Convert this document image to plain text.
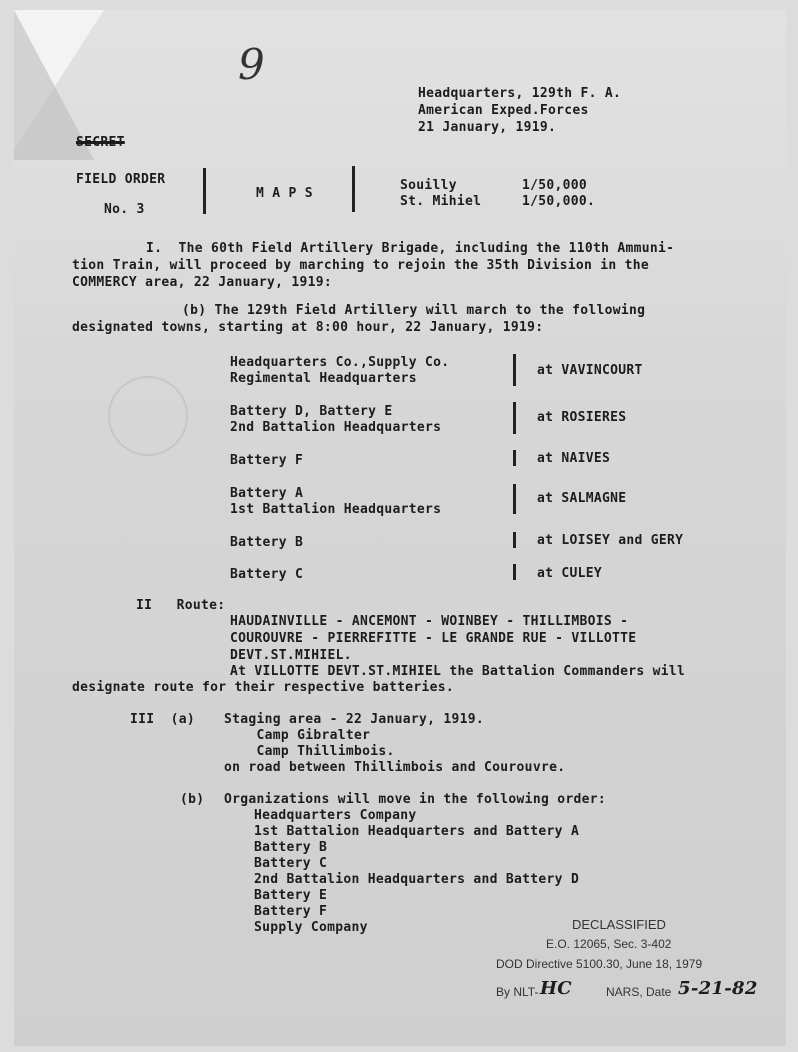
9
Headquarters, 129th F. A.
American Exped.Forces
21 January, 1919.
SECRET
FIELD ORDER
No. 3
M A P S
Souilly	1/50,000
St. Mihiel	1/50,000.
I.  The 60th Field Artillery Brigade, including the 110th Ammuni-
tion Train, will proceed by marching to rejoin the 35th Division in the
COMMERCY area, 22 January, 1919:
(b) The 129th Field Artillery will march to the following
designated towns, starting at 8:00 hour, 22 January, 1919:
Headquarters Co.,Supply Co.
Regimental Headquarters
at VAVINCOURT
Battery D, Battery E
2nd Battalion Headquarters
at ROSIERES
Battery F	at NAIVES
Battery A
1st Battalion Headquarters
at SALMAGNE
Battery B	at LOISEY and GERY
Battery C	at CULEY
II   Route:
HAUDAINVILLE - ANCEMONT - WOINBEY - THILLIMBOIS -
COUROUVRE - PIERREFITTE - LE GRANDE RUE - VILLOTTE
DEVT.ST.MIHIEL.
At VILLOTTE DEVT.ST.MIHIEL the Battalion Commanders will
designate route for their respective batteries.
III  (a) Staging area - 22 January, 1919.
Camp Gibralter
Camp Thillimbois.
on road between Thillimbois and Courouvre.
(b) Organizations will move in the following order:
Headquarters Company
1st Battalion Headquarters and Battery A
Battery B
Battery C
2nd Battalion Headquarters and Battery D
Battery E
Battery F
Supply Company	DECLASSIFIED
E.O. 12065, Sec. 3-402
DOD Directive 5100.30, June 18, 1979
By NLT- HC	NARS, Date 5-21-82
